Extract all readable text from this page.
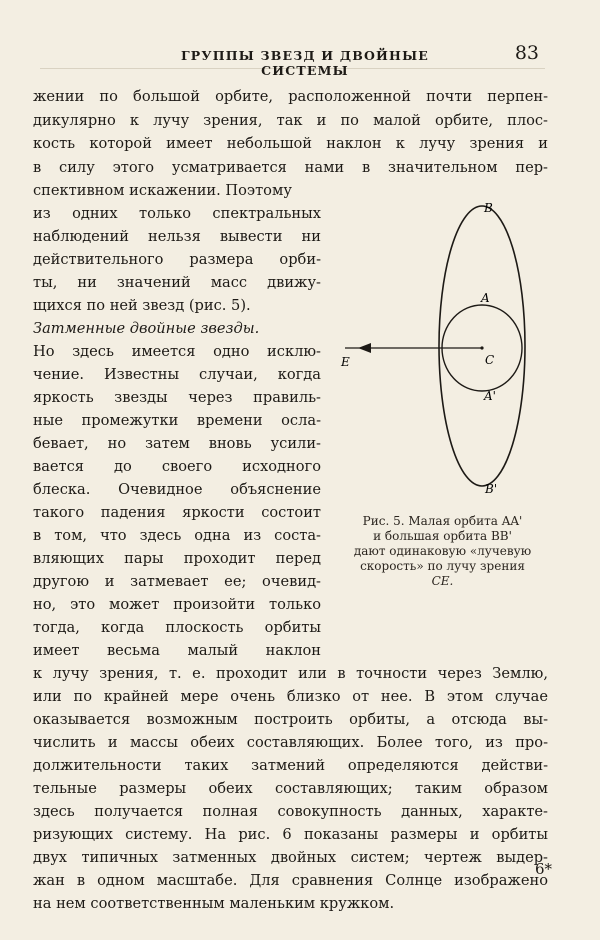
ГРУППЫ ЗВЕЗД И ДВОЙНЫЕ СИСТЕМЫ
83
жении по большой орбите, расположенной почти перпен-
дикулярно к лучу зрения, так и по малой орбите, плос-
кость которой имеет небольшой наклон к лучу зрения и
в силу этого усматривается нами в значительном пер-
спективном искажении. Поэтому
из одних только спектральных
наблюдений нельзя вывести ни
действительного размера орби-
ты, ни значений масс движу-
щихся по ней звезд (рис. 5).
Затменные двойные звезды.
Но здесь имеется одно исклю-
чение. Известны случаи, когда
яркость звезды через правиль-
ные промежутки времени осла-
бевает, но затем вновь усили-
вается до своего исходного
блеска. Очевидное объяснение
такого падения яркости состоит
в том, что здесь одна из соста-
вляющих пары проходит перед
другою и затмевает ее; очевид-
но, это может произойти только
тогда, когда плоскость орбиты
имеет весьма малый наклон
к лучу зрения, т. е. проходит или в точности через Землю,
или по крайней мере очень близко от нее. В этом случае
оказывается возможным построить орбиты, а отсюда вы-
числить и массы обеих составляющих. Более того, из про-
должительности таких затмений определяются действи-
тельные размеры обеих составляющих; таким образом
здесь получается полная совокупность данных, характе-
ризующих систему. На рис. 6 показаны размеры и орбиты
двух типичных затменных двойных систем; чертеж выдер-
жан в одном масштабе. Для сравнения Солнце изображено
на нем соответственным маленьким кружком.
B
A
E	C
A'
B'
Рис. 5. Малая орбита AA'
и большая орбита BB'
дают одинаковую «лучевую
скорость» по лучу зрения
CE.
6*
